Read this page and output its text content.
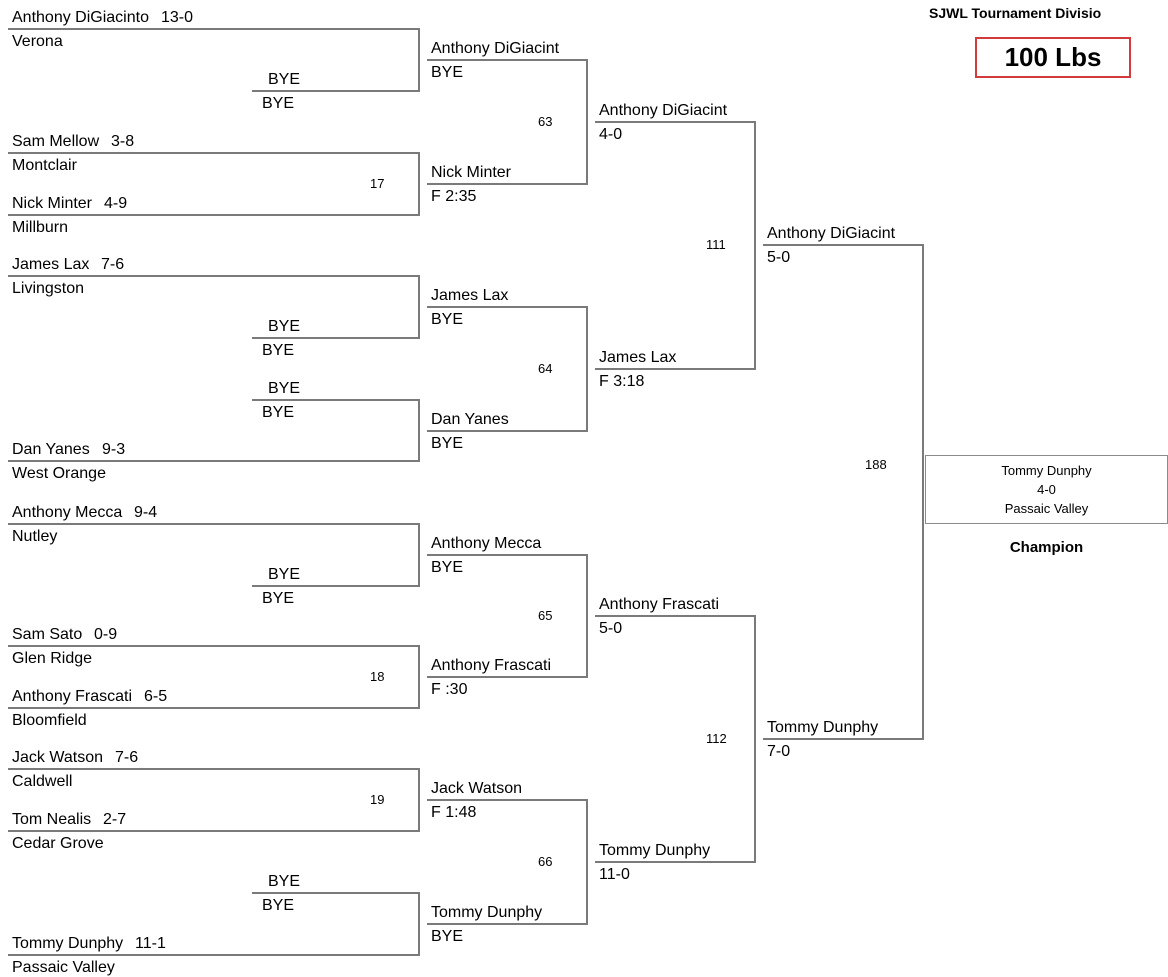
SJWL Tournament Divisio
100 Lbs
Tommy Dunphy
4-0
Passaic Valley
Champion
Anthony DiGiacinto 13-0
Verona
BYE
BYE
Sam Mellow 3-8
Montclair
Nick Minter 4-9
Millburn
James Lax 7-6
Livingston
BYE
BYE
BYE
BYE
Dan Yanes 9-3
West Orange
Anthony Mecca 9-4
Nutley
BYE
BYE
Sam Sato 0-9
Glen Ridge
Anthony Frascati 6-5
Bloomfield
Jack Watson 7-6
Caldwell
Tom Nealis 2-7
Cedar Grove
BYE
BYE
Tommy Dunphy 11-1
Passaic Valley
17
18
19
Anthony DiGiacint
BYE
Nick Minter
F 2:35
James Lax
BYE
Dan Yanes
BYE
Anthony Mecca
BYE
Anthony Frascati
F :30
Jack Watson
F 1:48
Tommy Dunphy
BYE
63
64
65
66
Anthony DiGiacint
4-0
James Lax
F 3:18
Anthony Frascati
5-0
Tommy Dunphy
11-0
111
112
Anthony DiGiacint
5-0
Tommy Dunphy
7-0
188
